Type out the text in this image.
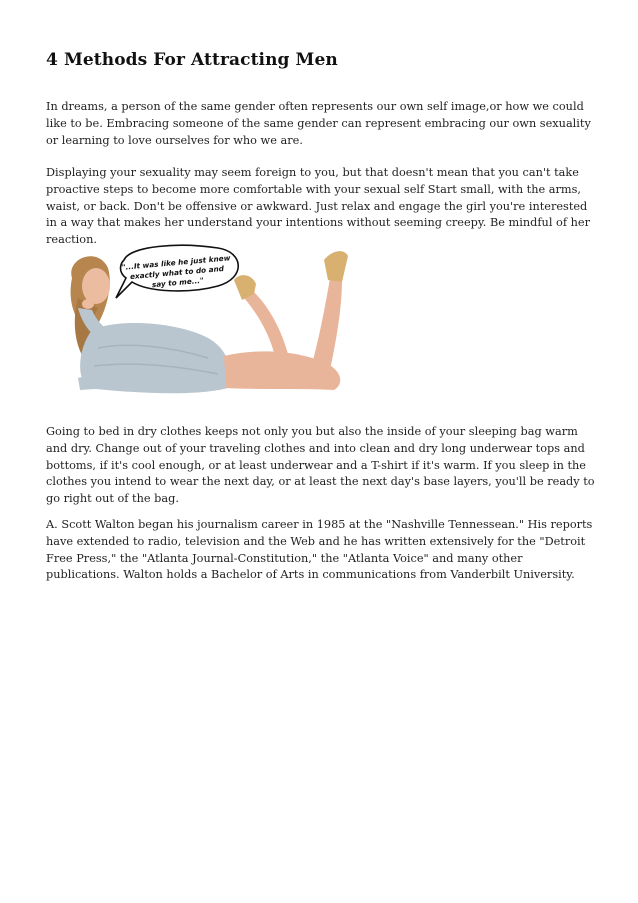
4 Methods For Attracting Men

In dreams, a person of the same gender often represents our own self image,or how we could like to be. Embracing someone of the same gender can represent embracing our own sexuality or learning to love ourselves for who we are.

Displaying your sexuality may seem foreign to you, but that doesn't mean that you can't take proactive steps to become more comfortable with your sexual self Start small, with the arms, waist, or back. Don't be offensive or awkward. Just relax and engage the girl you're interested in a way that makes her understand your intentions without seeming creepy. Be mindful of her reaction.

"...It was like he just knew exactly what to do and say to me..."

Going to bed in dry clothes keeps not only you but also the inside of your sleeping bag warm and dry. Change out of your traveling clothes and into clean and dry long underwear tops and bottoms, if it's cool enough, or at least underwear and a T-shirt if it's warm. If you sleep in the clothes you intend to wear the next day, or at least the next day's base layers, you'll be ready to go right out of the bag.

A. Scott Walton began his journalism career in 1985 at the "Nashville Tennessean." His reports have extended to radio, television and the Web and he has written extensively for the "Detroit Free Press," the "Atlanta Journal-Constitution," the "Atlanta Voice" and many other publications. Walton holds a Bachelor of Arts in communications from Vanderbilt University.
